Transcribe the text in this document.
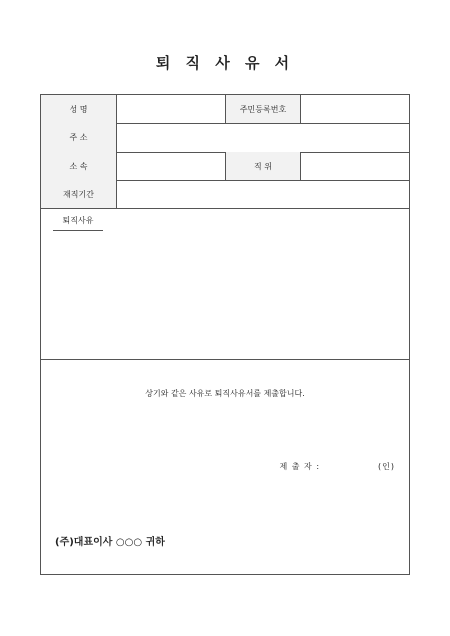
퇴 직 사 유 서
성 명	주민등록번호
주 소
소 속	직 위
재직기간
퇴직사유
상기와 같은 사유로 퇴직사유서를 제출합니다.
제 출 자 :	(인)
(주)대표이사 ○○○ 귀하
